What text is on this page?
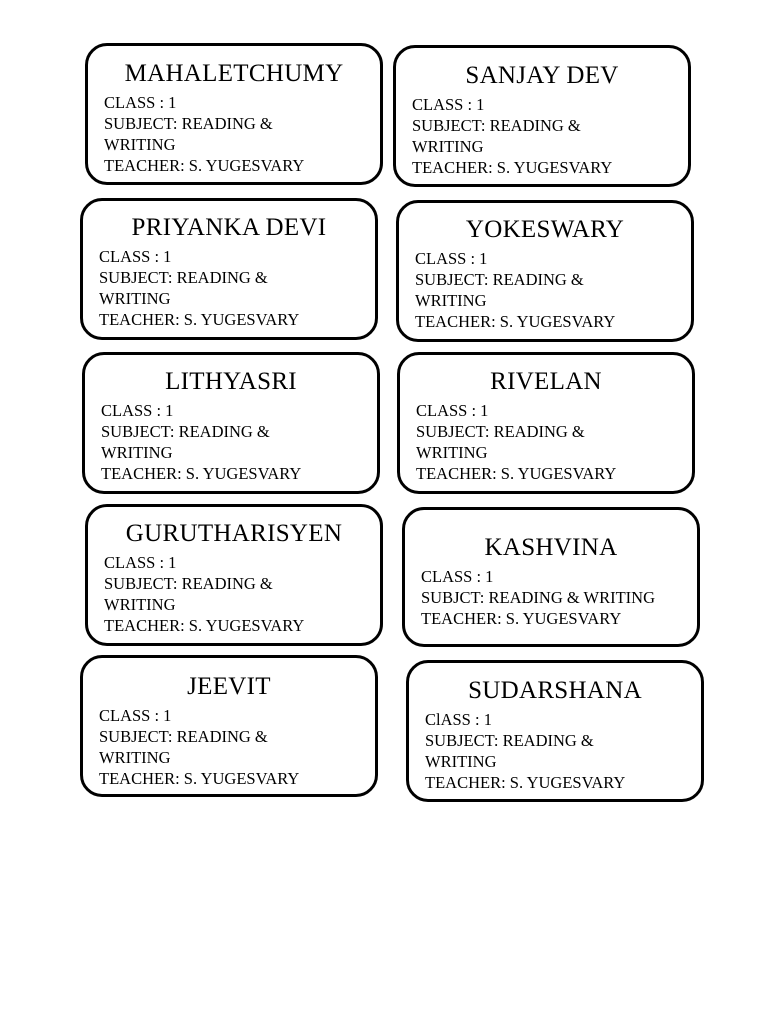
MAHALETCHUMY
CLASS : 1
SUBJECT: READING &
WRITING
TEACHER: S. YUGESVARY
SANJAY DEV
CLASS : 1
SUBJECT: READING &
WRITING
TEACHER: S. YUGESVARY
PRIYANKA DEVI
CLASS : 1
SUBJECT: READING &
WRITING
TEACHER: S. YUGESVARY
YOKESWARY
CLASS : 1
SUBJECT: READING &
WRITING
TEACHER: S. YUGESVARY
LITHYASRI
CLASS : 1
SUBJECT: READING &
WRITING
TEACHER: S. YUGESVARY
RIVELAN
CLASS : 1
SUBJECT: READING &
WRITING
TEACHER: S. YUGESVARY
GURUTHARISYEN
CLASS : 1
SUBJECT: READING &
WRITING
TEACHER: S. YUGESVARY
KASHVINA
CLASS : 1
SUBJCT: READING & WRITING
TEACHER: S. YUGESVARY
JEEVIT
CLASS : 1
SUBJECT: READING &
WRITING
TEACHER: S. YUGESVARY
SUDARSHANA
ClASS : 1
SUBJECT: READING &
WRITING
TEACHER: S. YUGESVARY
